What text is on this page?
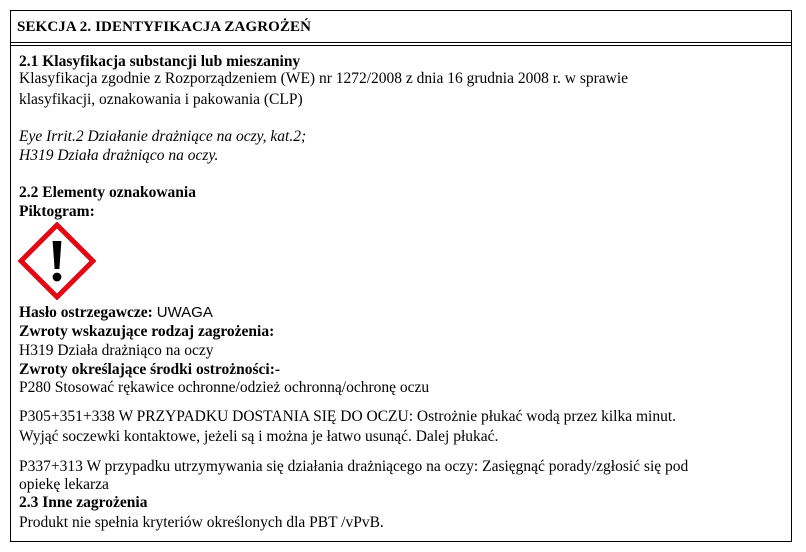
SEKCJA 2. IDENTYFIKACJA ZAGROŻEŃ
2.1 Klasyfikacja substancji lub mieszaniny
Klasyfikacja zgodnie z Rozporządzeniem (WE) nr 1272/2008 z dnia 16 grudnia 2008 r. w sprawie
klasyfikacji, oznakowania i pakowania (CLP)
Eye Irrit.2 Działanie drażniące na oczy, kat.2;
H319 Działa drażniąco na oczy.
2.2 Elementy oznakowania
Piktogram:
Hasło ostrzegawcze: UWAGA
Zwroty wskazujące rodzaj zagrożenia:
H319 Działa drażniąco na oczy
Zwroty określające środki ostrożności:-
P280 Stosować rękawice ochronne/odzież ochronną/ochronę oczu
P305+351+338 W PRZYPADKU DOSTANIA SIĘ DO OCZU: Ostrożnie płukać wodą przez kilka minut.
Wyjąć soczewki kontaktowe, jeżeli są i można je łatwo usunąć. Dalej płukać.
P337+313 W przypadku utrzymywania się działania drażniącego na oczy: Zasięgnąć porady/zgłosić się pod
opiekę lekarza
2.3 Inne zagrożenia
Produkt nie spełnia kryteriów określonych dla PBT /vPvB.
